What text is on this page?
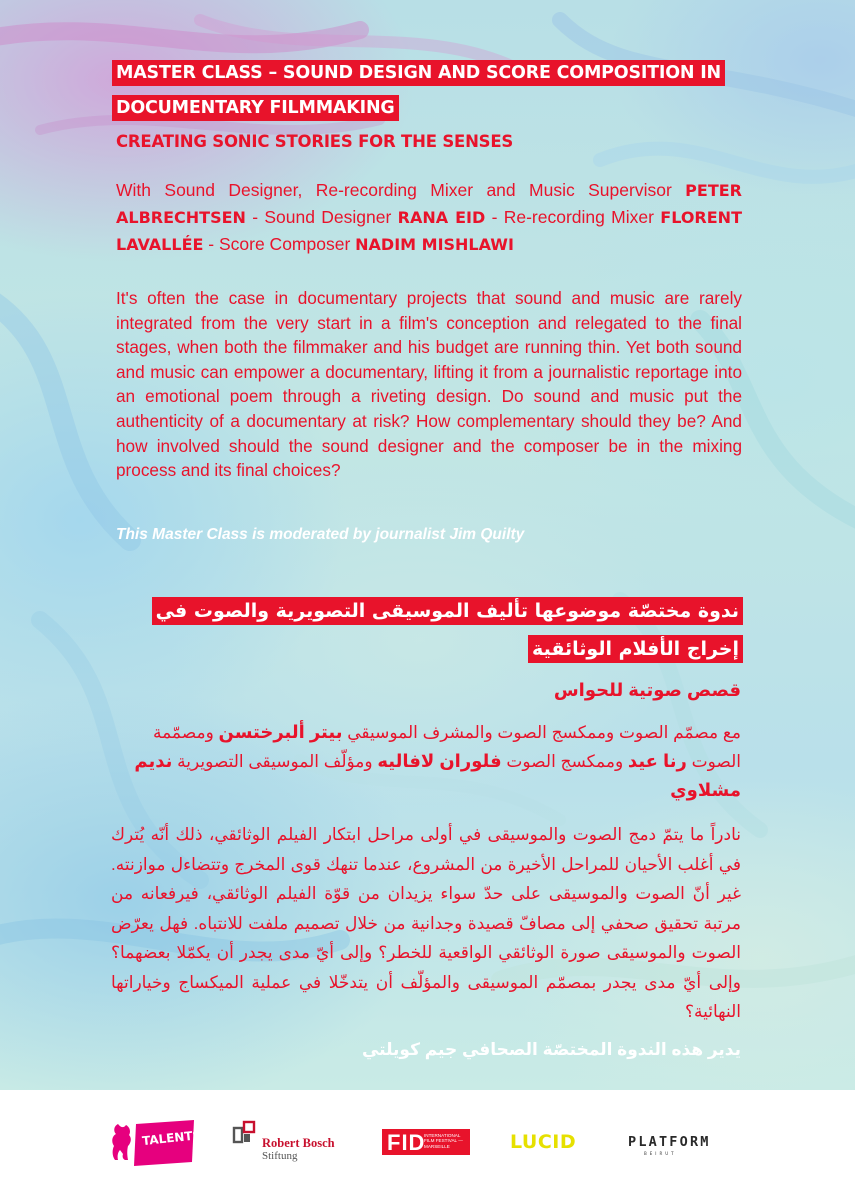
MASTER CLASS – SOUND DESIGN AND SCORE COMPOSITION IN
DOCUMENTARY FILMMAKING

CREATING SONIC STORIES FOR THE SENSES

With Sound Designer, Re-recording Mixer and Music Supervisor PETER ALBRECHTSEN - Sound Designer RANA EID - Re-recording Mixer FLORENT LAVALLÉE - Score Composer NADIM MISHLAWI

It's often the case in documentary projects that sound and music are rarely integrated from the very start in a film's conception and relegated to the final stages, when both the filmmaker and his budget are running thin. Yet both sound and music can empower a documentary, lifting it from a journalistic reportage into an emotional poem through a riveting design. Do sound and music put the authenticity of a documentary at risk? How complementary should they be? And how involved should the sound designer and the composer be in the mixing process and its final choices?

This Master Class is moderated by journalist Jim Quilty

ندوة مختصّة موضوعها تأليف الموسيقى التصويرية والصوت في
إخراج الأفلام الوثائقية

قصص صوتية للحواس

مع مصمّم الصوت وممكسج الصوت والمشرف الموسيقي بيتر ألبرختسن ومصمّمة الصوت رنا عيد وممكسج الصوت فلوران لافاليه ومؤلّف الموسيقى التصويرية نديم مشلاوي

نادراً ما يتمّ دمج الصوت والموسيقى في أولى مراحل ابتكار الفيلم الوثائقي، ذلك أنّه يُترك في أغلب الأحيان للمراحل الأخيرة من المشروع، عندما تنهك قوى المخرج وتتضاءل موازنته. غير أنّ الصوت والموسيقى على حدّ سواء يزيدان من قوّة الفيلم الوثائقي، فيرفعانه من مرتبة تحقيق صحفي إلى مصافّ قصيدة وجدانية من خلال تصميم ملفت للانتباه. فهل يعرّض الصوت والموسيقى صورة الوثائقي الواقعية للخطر؟ وإلى أيّ مدى يجدر أن يكمّلا بعضهما؟ وإلى أيّ مدى يجدر بمصمّم الموسيقى والمؤلّف أن يتدخّلا في عملية الميكساج وخياراتها النهائية؟

يدير هذه الندوة المختصّة الصحافي جيم كويلتي

TALENTS	Robert Bosch

Stiftung

FID

INTERNATIONAL FILM FESTIVAL — MARSEILLE	LUCID	PLATFORM

BEIRUT
